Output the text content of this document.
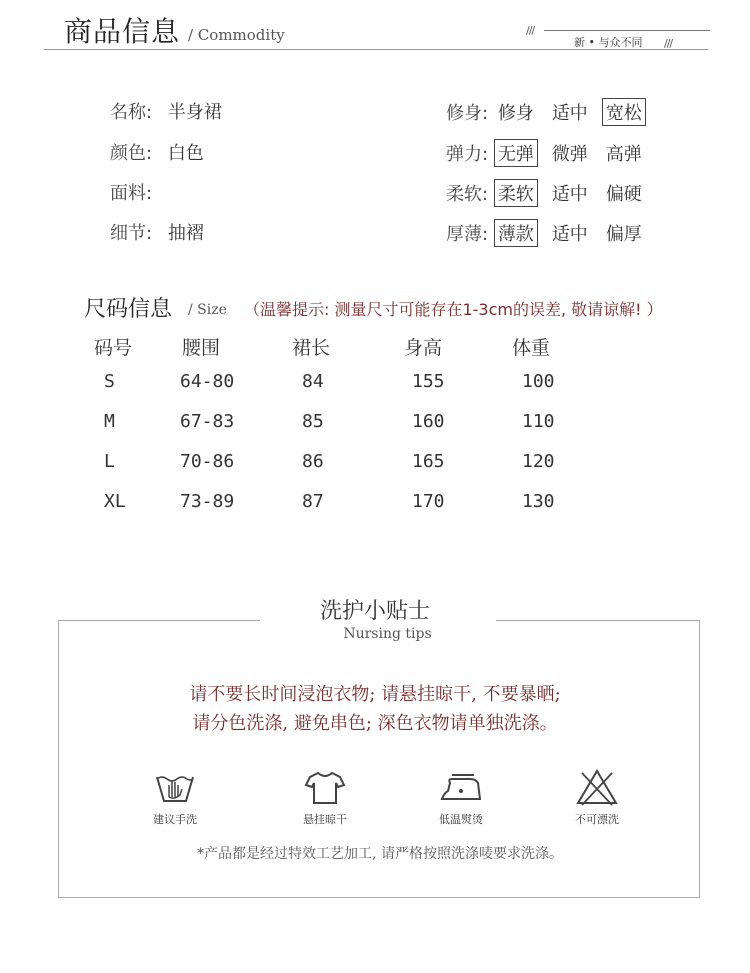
商品信息 / Commodity	///
新 • 与众不同 ///
名称: 半身裙
颜色: 白色
面料:
细节: 抽褶
修身: 修身 适中 宽松
弹力: 无弹 微弹 高弹
柔软: 柔软 适中 偏硬
厚薄: 薄款 适中 偏厚
尺码信息 / Size （温馨提示: 测量尺寸可能存在1-3cm的误差, 敬请谅解! ）
码号	腰围	裙长	身高	体重
S	64-80	84	155	100
M	67-83	85	160	110
L	70-86	86	165	120
XL	73-89	87	170	130
洗护小贴士
Nursing tips
请不要长时间浸泡衣物; 请悬挂晾干, 不要暴晒;
请分色洗涤, 避免串色; 深色衣物请单独洗涤。
建议手洗	悬挂晾干	低温熨烫	不可漂洗
*产品都是经过特效工艺加工, 请严格按照洗涤唛要求洗涤。
